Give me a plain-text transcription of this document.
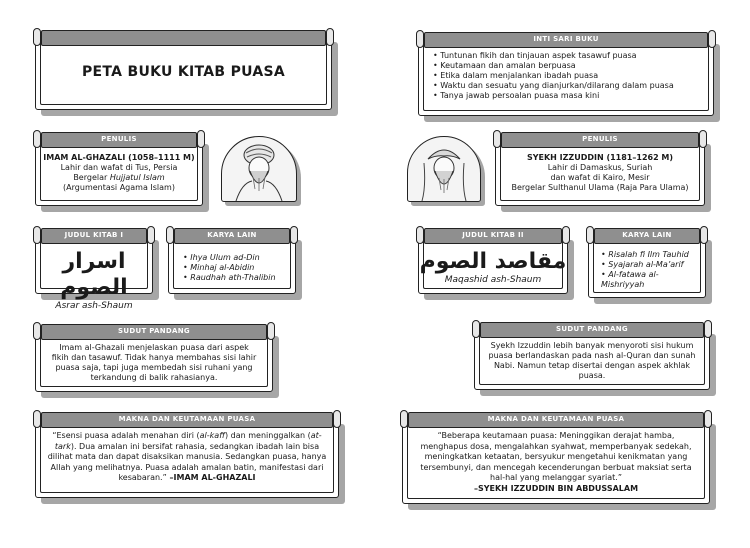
PETA BUKU KITAB PUASA
INTI SARI BUKU
• Tuntunan fikih dan tinjauan aspek tasawuf puasa
• Keutamaan dan amalan berpuasa
• Etika dalam menjalankan ibadah puasa
• Waktu dan sesuatu yang dianjurkan/dilarang dalam puasa
• Tanya jawab persoalan puasa masa kini
PENULIS
IMAM AL-GHAZALI (1058–1111 M)
Lahir dan wafat di Tus, Persia
Bergelar Hujjatul Islam
(Argumentasi Agama Islam)
PENULIS
SYEKH IZZUDDIN (1181–1262 M)
Lahir di Damaskus, Suriah
dan wafat di Kairo, Mesir
Bergelar Sulthanul Ulama (Raja Para Ulama)
JUDUL KITAB I
اسرار الصوم
Asrar ash-Shaum
KARYA LAIN
• Ihya Ulum ad-Din
• Minhaj al-Abidin
• Raudhah ath-Thalibin
JUDUL KITAB II
مقاصد الصوم
Maqashid ash-Shaum
KARYA LAIN
• Risalah fi Ilm Tauhid
• Syajarah al-Ma’arif
• Al-fatawa al-Mishriyyah
SUDUT PANDANG
Imam al-Ghazali menjelaskan puasa dari aspek fikih dan tasawuf. Tidak hanya membahas sisi lahir puasa saja, tapi juga membedah sisi ruhani yang terkandung di balik rahasianya.
SUDUT PANDANG
Syekh Izzuddin lebih banyak menyoroti sisi hukum puasa berlandaskan pada nash al-Quran dan sunah Nabi. Namun tetap disertai dengan aspek akhlak puasa.
MAKNA DAN KEUTAMAAN PUASA
“Esensi puasa adalah menahan diri (al-kaff) dan meninggalkan (at-tark). Dua amalan ini bersifat rahasia, sedangkan ibadah lain bisa dilihat mata dan dapat disaksikan manusia. Sedangkan puasa, hanya Allah yang melihatnya. Puasa adalah amalan batin, manifestasi dari kesabaran.” –IMAM AL-GHAZALI
MAKNA DAN KEUTAMAAN PUASA
“Beberapa keutamaan puasa: Meninggikan derajat hamba, menghapus dosa, mengalahkan syahwat, memperbanyak sedekah, meningkatkan ketaatan, bersyukur mengetahui kenikmatan yang tersembunyi, dan mencegah kecenderungan berbuat maksiat serta hal-hal yang melanggar syariat.”
–SYEKH IZZUDDIN BIN ABDUSSALAM
